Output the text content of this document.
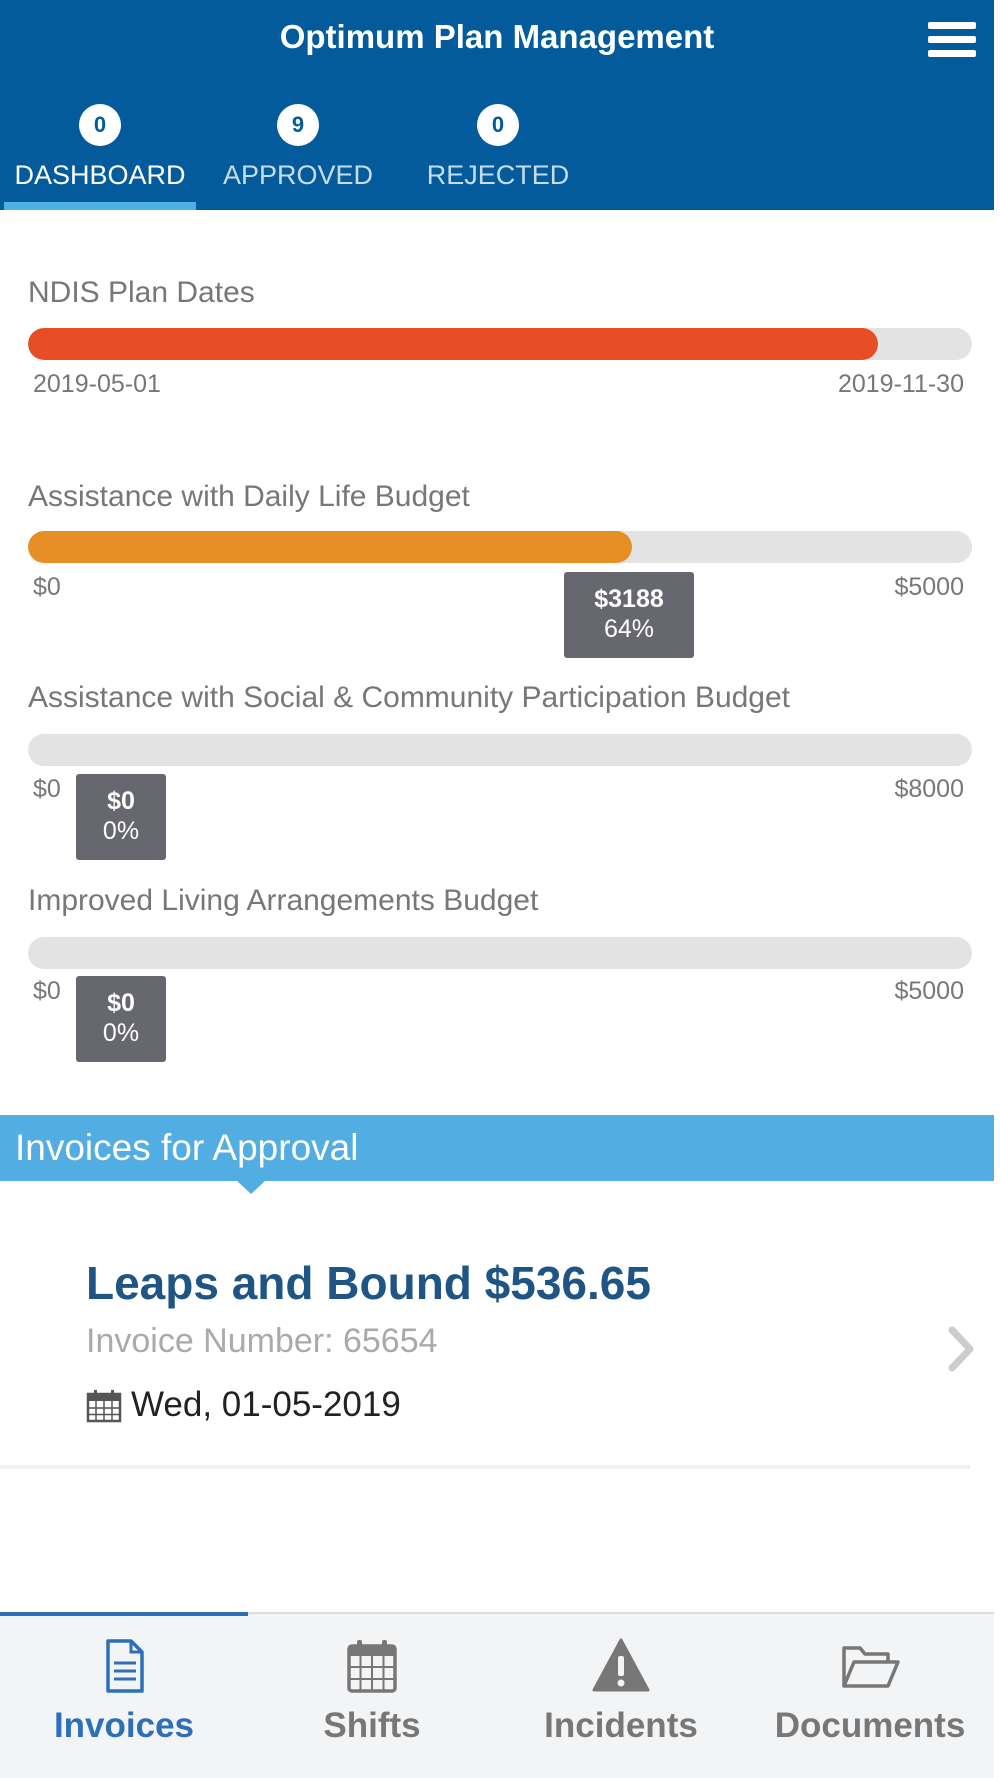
Optimum Plan Management
0
DASHBOARD
9
APPROVED
0
REJECTED
NDIS Plan Dates
2019-05-01	2019-11-30
Assistance with Daily Life Budget
$0	$5000
$3188
64%
Assistance with Social & Community Participation Budget
$0	$8000
$0
0%
Improved Living Arrangements Budget
$0	$5000
$0
0%
Invoices for Approval
Leaps and Bound $536.65
Invoice Number: 65654
Wed, 01-05-2019
Invoices	Shifts	Incidents	Documents
